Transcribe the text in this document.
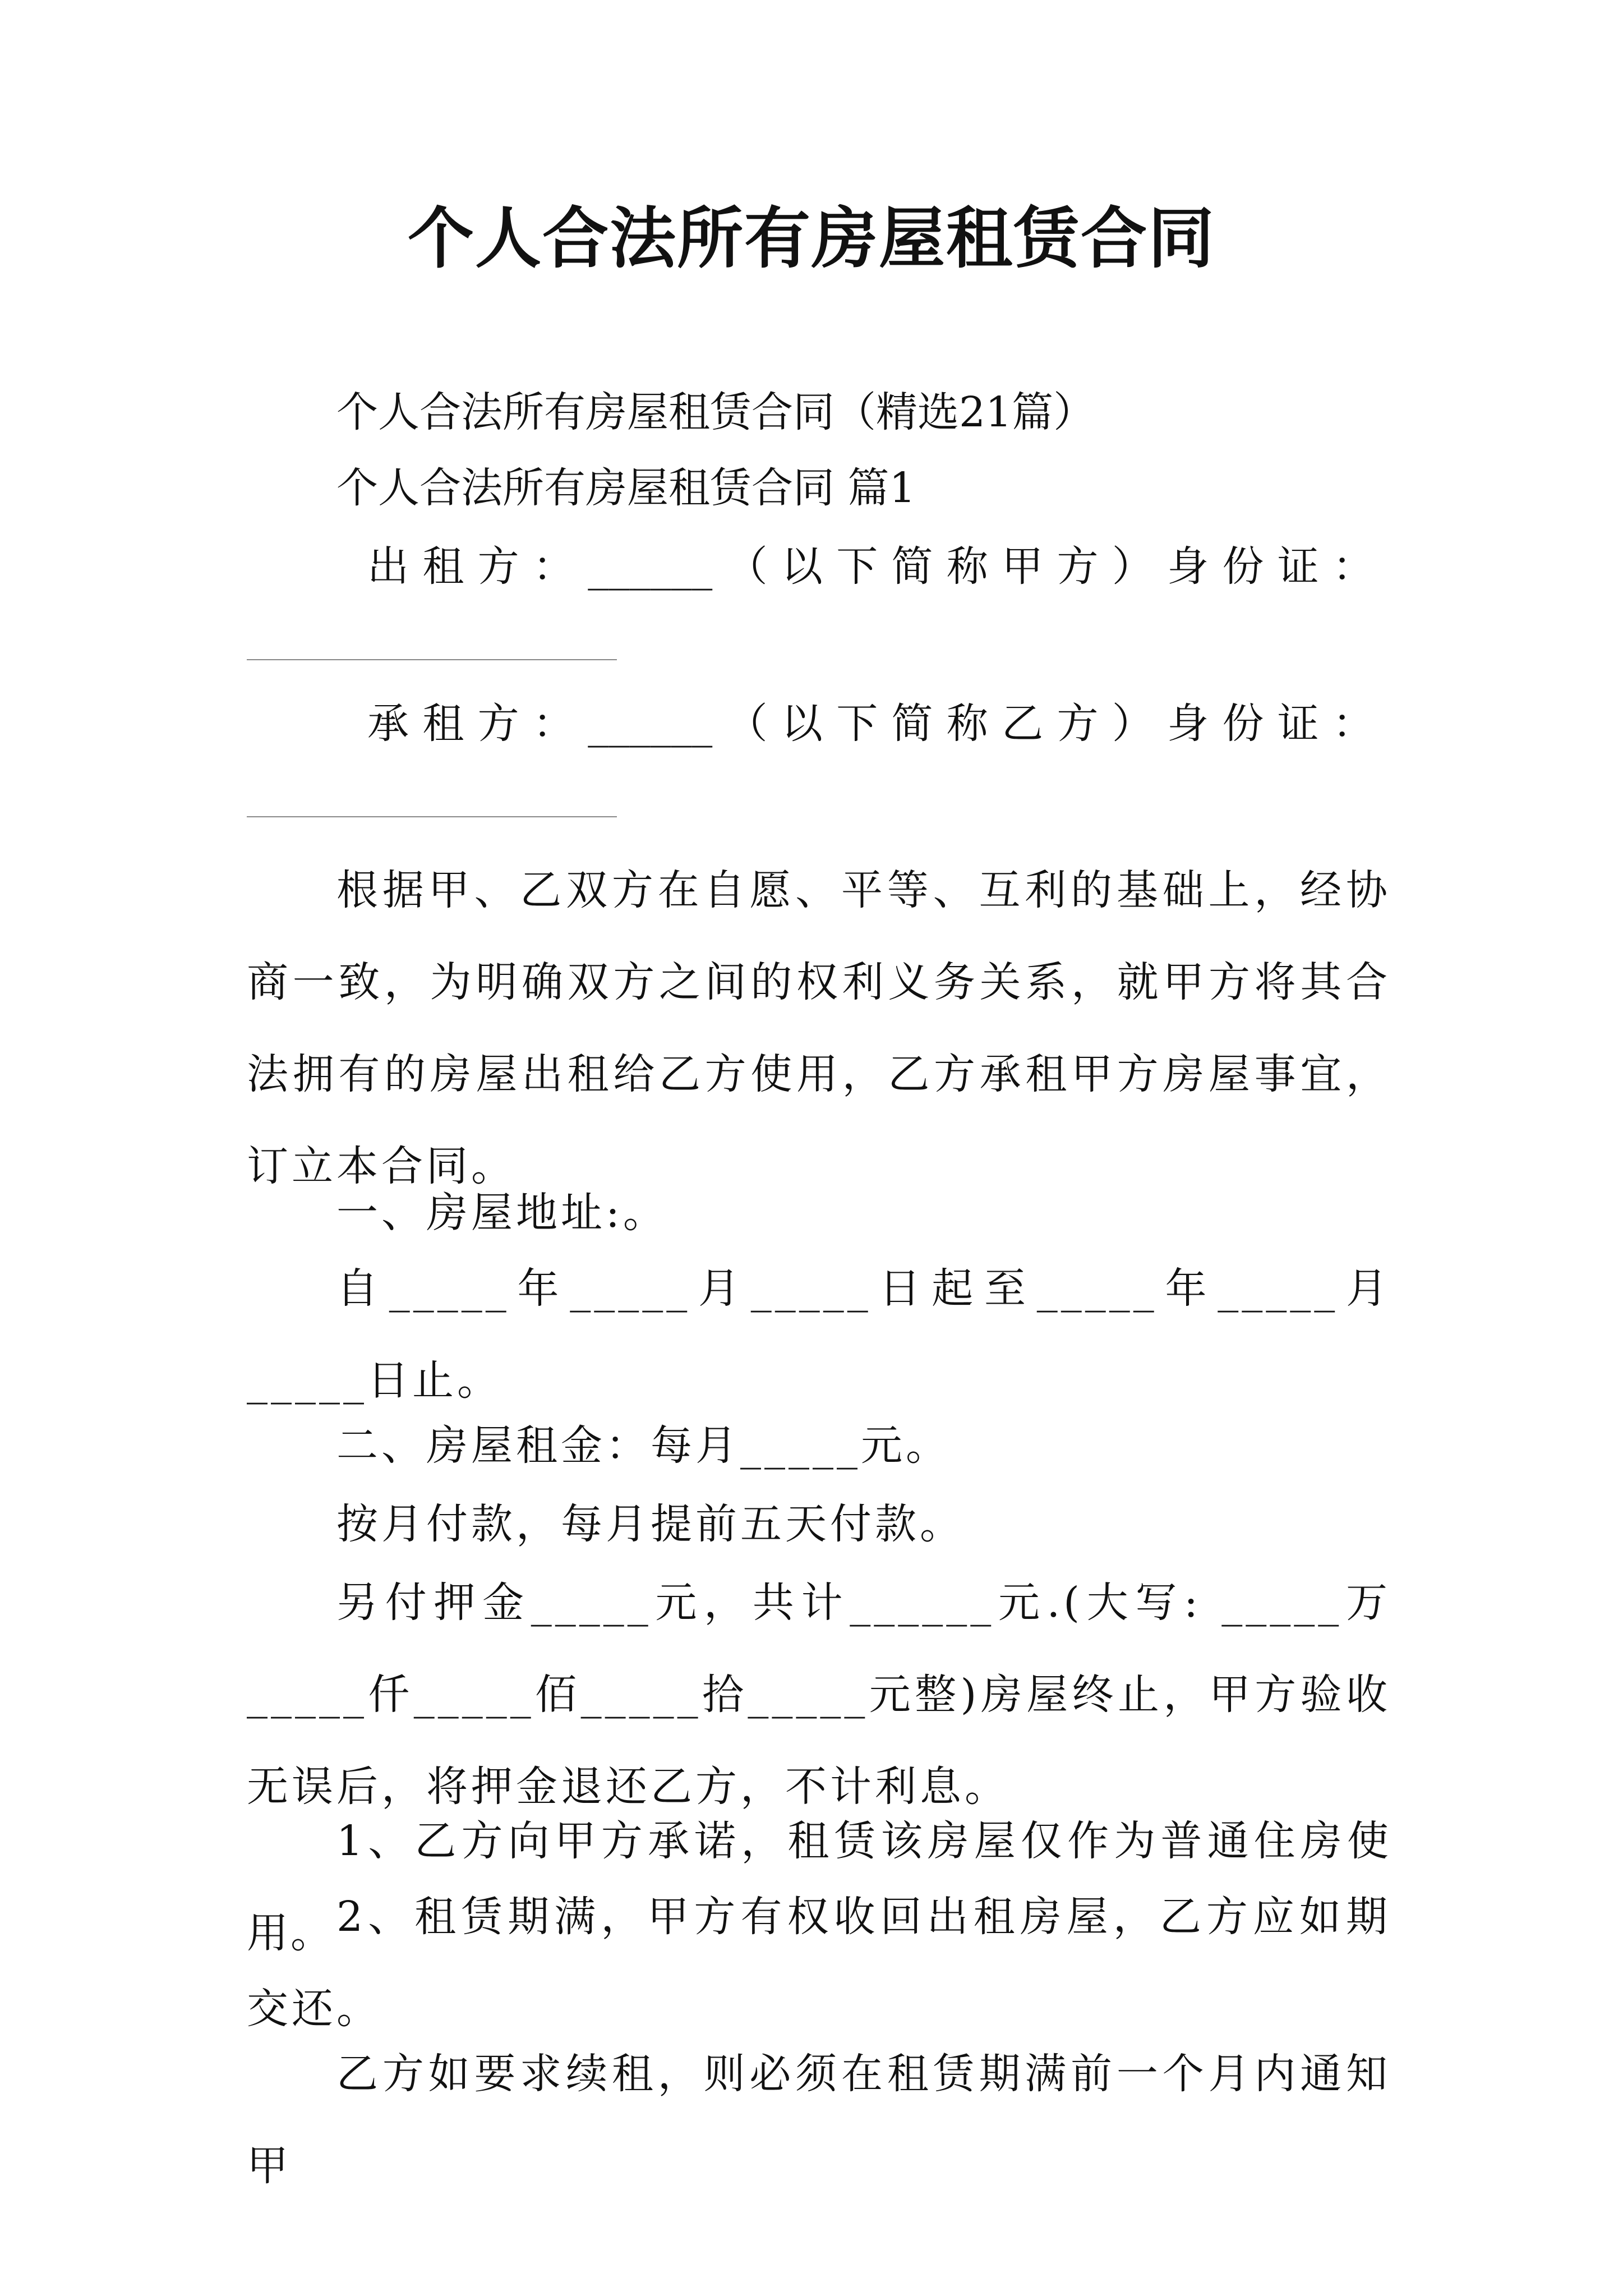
个人合法所有房屋租赁合同
个人合法所有房屋租赁合同（精选21篇）
个人合法所有房屋租赁合同 篇1
出 租 方 ： ______ （ 以 下 简 称 甲 方 ） 身 份 证 ：
承 租 方 ： ______ （ 以 下 简 称 乙 方 ） 身 份 证 ：
根据甲、乙双方在自愿、平等、互利的基础上，经协商一致，为明确双方之间的权利义务关系，就甲方将其合法拥有的房屋出租给乙方使用，乙方承租甲方房屋事宜，订立本合同。
一、房屋地址:。
自_____年_____月_____日起至_____年_____月_____日止。
二、房屋租金：每月_____元。
按月付款，每月提前五天付款。
另付押金_____元，共计______元.(大写: _____万_____仟_____佰_____拾_____元整)房屋终止，甲方验收无误后，将押金退还乙方，不计利息。
1、乙方向甲方承诺，租赁该房屋仅作为普通住房使用。 2、租赁期满，甲方有权收回出租房屋，乙方应如期交还。
乙方如要求续租，则必须在租赁期满前一个月内通知甲
